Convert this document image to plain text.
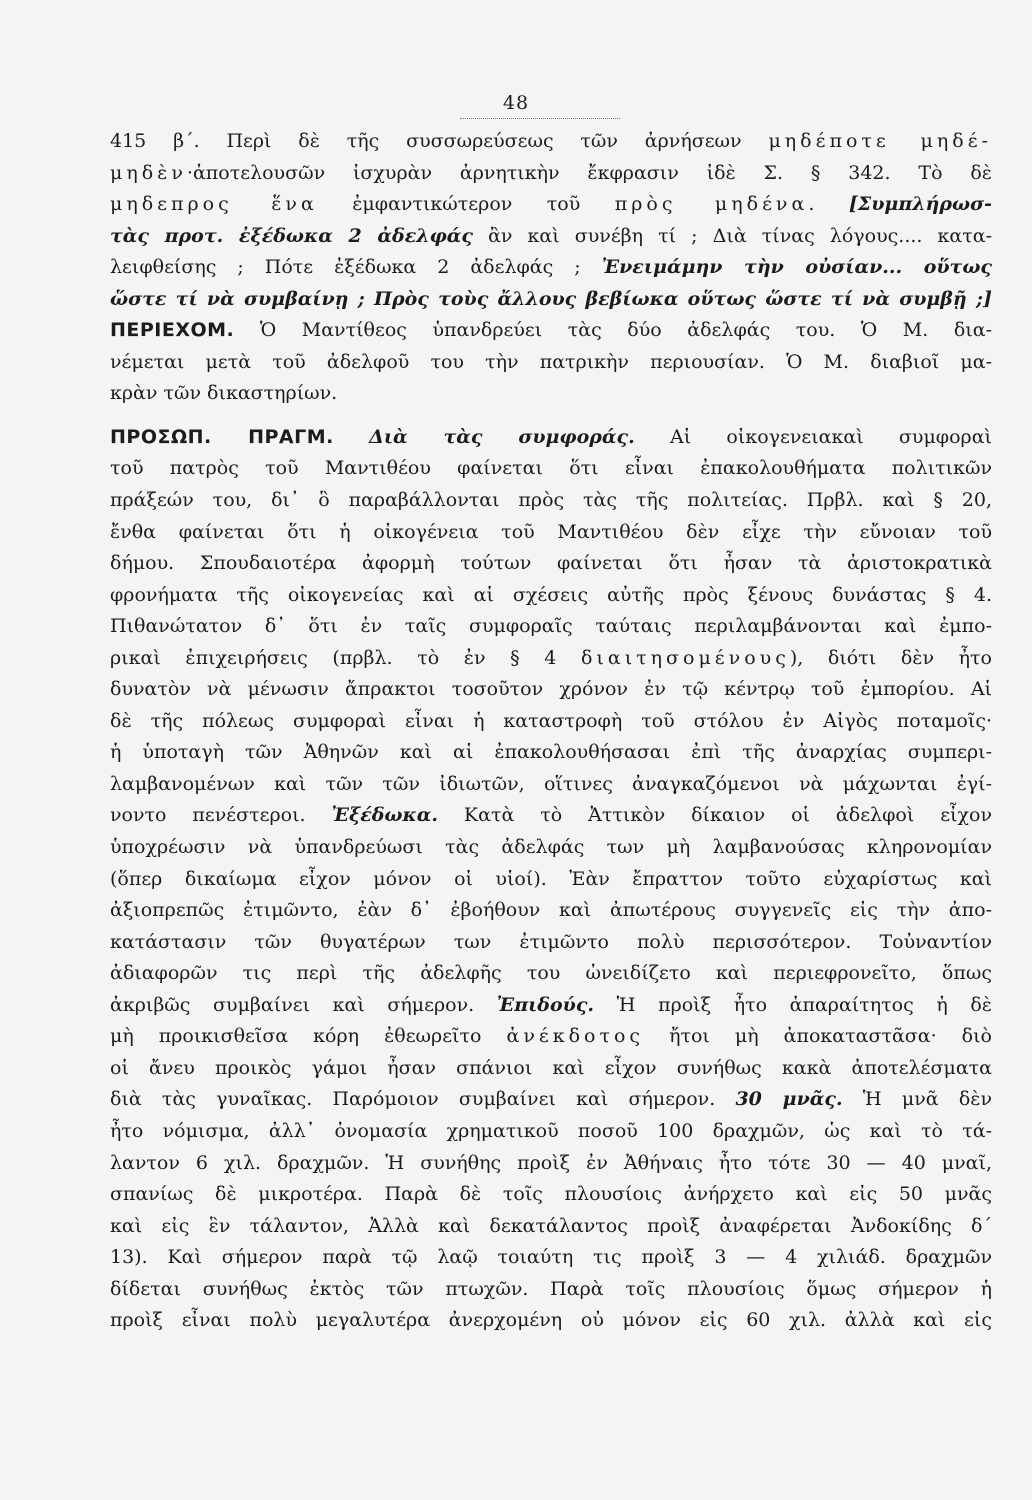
48
415 β΄. Περὶ δὲ τῆς συσσωρεύσεως τῶν ἀρνήσεων μηδέποτε μηδέ-
μηδὲν·ἀποτελουσῶν ἰσχυρὰν ἀρνητικὴν ἔκφρασιν ἰδὲ Σ. § 342. Τὸ δὲ
μηδεπρος ἕνα ἐμφαντικώτερον τοῦ πρὸς μηδένα. [Συμπλήρωσ-
τὰς προτ. ἐξέδωκα 2 ἀδελφάς ἂν καὶ συνέβη τί ; Διὰ τίνας λόγους.... κατα-
λειφθείσης ; Πότε ἐξέδωκα 2 ἀδελφάς ; Ἐνειμάμην τὴν οὐσίαν... οὕτως
ὥστε τί νὰ συμβαίνῃ ; Πρὸς τοὺς ἄλλους βεβίωκα οὕτως ὥστε τί νὰ συμβῇ ;]
ΠΕΡΙΕΧΟΜ. Ὁ Μαντίθεος ὑπανδρεύει τὰς δύο ἀδελφάς του. Ὁ Μ. δια-
νέμεται μετὰ τοῦ ἀδελφοῦ του τὴν πατρικὴν περιουσίαν. Ὁ Μ. διαβιοῖ μα-
κρὰν τῶν δικαστηρίων.
ΠΡΟΣΩΠ. ΠΡΑΓΜ. Διὰ τὰς συμφοράς. Αἱ οἰκογενειακαὶ συμφοραὶ
τοῦ πατρὸς τοῦ Μαντιθέου φαίνεται ὅτι εἶναι ἐπακολουθήματα πολιτικῶν
πράξεών του, δι᾽ ὃ παραβάλλονται πρὸς τὰς τῆς πολιτείας. Πρβλ. καὶ § 20,
ἔνθα φαίνεται ὅτι ἡ οἰκογένεια τοῦ Μαντιθέου δὲν εἶχε τὴν εὔνοιαν τοῦ
δήμου. Σπουδαιοτέρα ἀφορμὴ τούτων φαίνεται ὅτι ἦσαν τὰ ἀριστοκρατικὰ
φρονήματα τῆς οἰκογενείας καὶ αἱ σχέσεις αὐτῆς πρὸς ξένους δυνάστας § 4.
Πιθανώτατον δ᾽ ὅτι ἐν ταῖς συμφοραῖς ταύταις περιλαμβάνονται καὶ ἐμπο-
ρικαὶ ἐπιχειρήσεις (πρβλ. τὸ ἐν § 4 διαιτησομένους), διότι δὲν ἦτο
δυνατὸν νὰ μένωσιν ἄπρακτοι τοσοῦτον χρόνον ἐν τῷ κέντρῳ τοῦ ἐμπορίου. Αἱ
δὲ τῆς πόλεως συμφοραὶ εἶναι ἡ καταστροφὴ τοῦ στόλου ἐν Αἰγὸς ποταμοῖς·
ἡ ὑποταγὴ τῶν Ἀθηνῶν καὶ αἱ ἐπακολουθήσασαι ἐπὶ τῆς ἀναρχίας συμπερι-
λαμβανομένων καὶ τῶν τῶν ἰδιωτῶν, οἵτινες ἀναγκαζόμενοι νὰ μάχωνται ἐγί-
νοντο πενέστεροι. Ἐξέδωκα. Κατὰ τὸ Ἀττικὸν δίκαιον οἱ ἀδελφοὶ εἶχον
ὑποχρέωσιν νὰ ὑπανδρεύωσι τὰς ἀδελφάς των μὴ λαμβανούσας κληρονομίαν
(ὅπερ δικαίωμα εἶχον μόνον οἱ υἱοί). Ἐὰν ἔπραττον τοῦτο εὐχαρίστως καὶ
ἀξιοπρεπῶς ἐτιμῶντο, ἐὰν δ᾽ ἐβοήθουν καὶ ἀπωτέρους συγγενεῖς εἰς τὴν ἀπο-
κατάστασιν τῶν θυγατέρων των ἐτιμῶντο πολὺ περισσότερον. Τοὐναντίον
ἀδιαφορῶν τις περὶ τῆς ἀδελφῆς του ὠνειδίζετο καὶ περιεφρονεῖτο, ὅπως
ἀκριβῶς συμβαίνει καὶ σήμερον. Ἐπιδούς. Ἡ προὶξ ἦτο ἀπαραίτητος ἡ δὲ
μὴ προικισθεῖσα κόρη ἐθεωρεῖτο ἀνέκδοτος ἤτοι μὴ ἀποκαταστᾶσα· διὸ
οἱ ἄνευ προικὸς γάμοι ἦσαν σπάνιοι καὶ εἶχον συνήθως κακὰ ἀποτελέσματα
διὰ τὰς γυναῖκας. Παρόμοιον συμβαίνει καὶ σήμερον. 30 μνᾶς. Ἡ μνᾶ δὲν
ἦτο νόμισμα, ἀλλ᾽ ὀνομασία χρηματικοῦ ποσοῦ 100 δραχμῶν, ὡς καὶ τὸ τά-
λαντον 6 χιλ. δραχμῶν. Ἡ συνήθης προὶξ ἐν Ἀθήναις ἦτο τότε 30 — 40 μναῖ,
σπανίως δὲ μικροτέρα. Παρὰ δὲ τοῖς πλουσίοις ἀνήρχετο καὶ εἰς 50 μνᾶς
καὶ εἰς ἓν τάλαντον, Ἀλλὰ καὶ δεκατάλαντος προὶξ ἀναφέρεται Ἀνδοκίδης δ΄
13). Καὶ σήμερον παρὰ τῷ λαῷ τοιαύτη τις προὶξ 3 — 4 χιλιάδ. δραχμῶν
δίδεται συνήθως ἐκτὸς τῶν πτωχῶν. Παρὰ τοῖς πλουσίοις ὅμως σήμερον ἡ
προὶξ εἶναι πολὺ μεγαλυτέρα ἀνερχομένη οὐ μόνον εἰς 60 χιλ. ἀλλὰ καὶ εἰς
